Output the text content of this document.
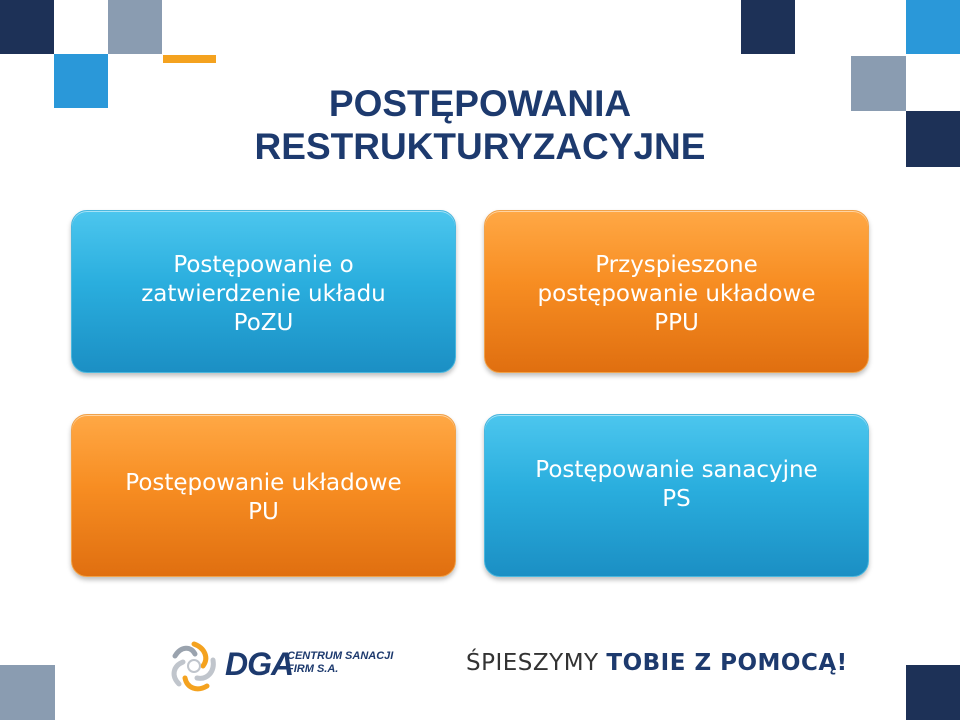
POSTĘPOWANIA
RESTRUKTURYZACYJNE
Postępowanie o
zatwierdzenie układu
PoZU
Przyspieszone
postępowanie układowe
PPU
Postępowanie układowe
PU
Postępowanie sanacyjne
PS
DGA
CENTRUM SANACJI
FIRM S.A.	ŚPIESZYMY TOBIE Z POMOCĄ!
